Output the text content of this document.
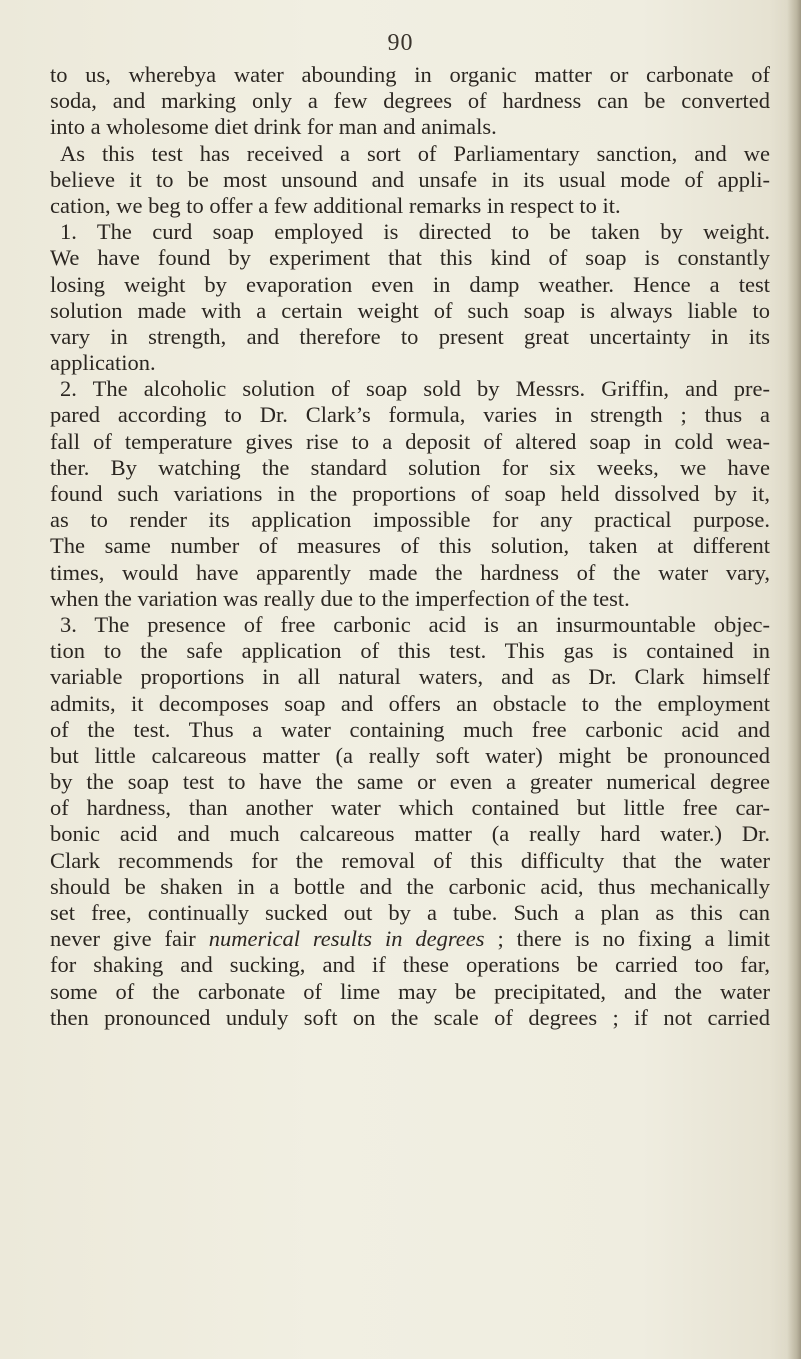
90
to us, wherebya water abounding in organic matter or carbonate of
soda, and marking only a few degrees of hardness can be converted
into a wholesome diet drink for man and animals.
As this test has received a sort of Parliamentary sanction, and we
believe it to be most unsound and unsafe in its usual mode of appli-
cation, we beg to offer a few additional remarks in respect to it.
1. The curd soap employed is directed to be taken by weight.
We have found by experiment that this kind of soap is constantly
losing weight by evaporation even in damp weather. Hence a test
solution made with a certain weight of such soap is always liable to
vary in strength, and therefore to present great uncertainty in its
application.
2. The alcoholic solution of soap sold by Messrs. Griffin, and pre-
pared according to Dr. Clark’s formula, varies in strength ; thus a
fall of temperature gives rise to a deposit of altered soap in cold wea-
ther. By watching the standard solution for six weeks, we have
found such variations in the proportions of soap held dissolved by it,
as to render its application impossible for any practical purpose.
The same number of measures of this solution, taken at different
times, would have apparently made the hardness of the water vary,
when the variation was really due to the imperfection of the test.
3. The presence of free carbonic acid is an insurmountable objec-
tion to the safe application of this test. This gas is contained in
variable proportions in all natural waters, and as Dr. Clark himself
admits, it decomposes soap and offers an obstacle to the employment
of the test. Thus a water containing much free carbonic acid and
but little calcareous matter (a really soft water) might be pronounced
by the soap test to have the same or even a greater numerical degree
of hardness, than another water which contained but little free car-
bonic acid and much calcareous matter (a really hard water.) Dr.
Clark recommends for the removal of this difficulty that the water
should be shaken in a bottle and the carbonic acid, thus mechanically
set free, continually sucked out by a tube. Such a plan as this can
never give fair numerical results in degrees ; there is no fixing a limit
for shaking and sucking, and if these operations be carried too far,
some of the carbonate of lime may be precipitated, and the water
then pronounced unduly soft on the scale of degrees ; if not carried
